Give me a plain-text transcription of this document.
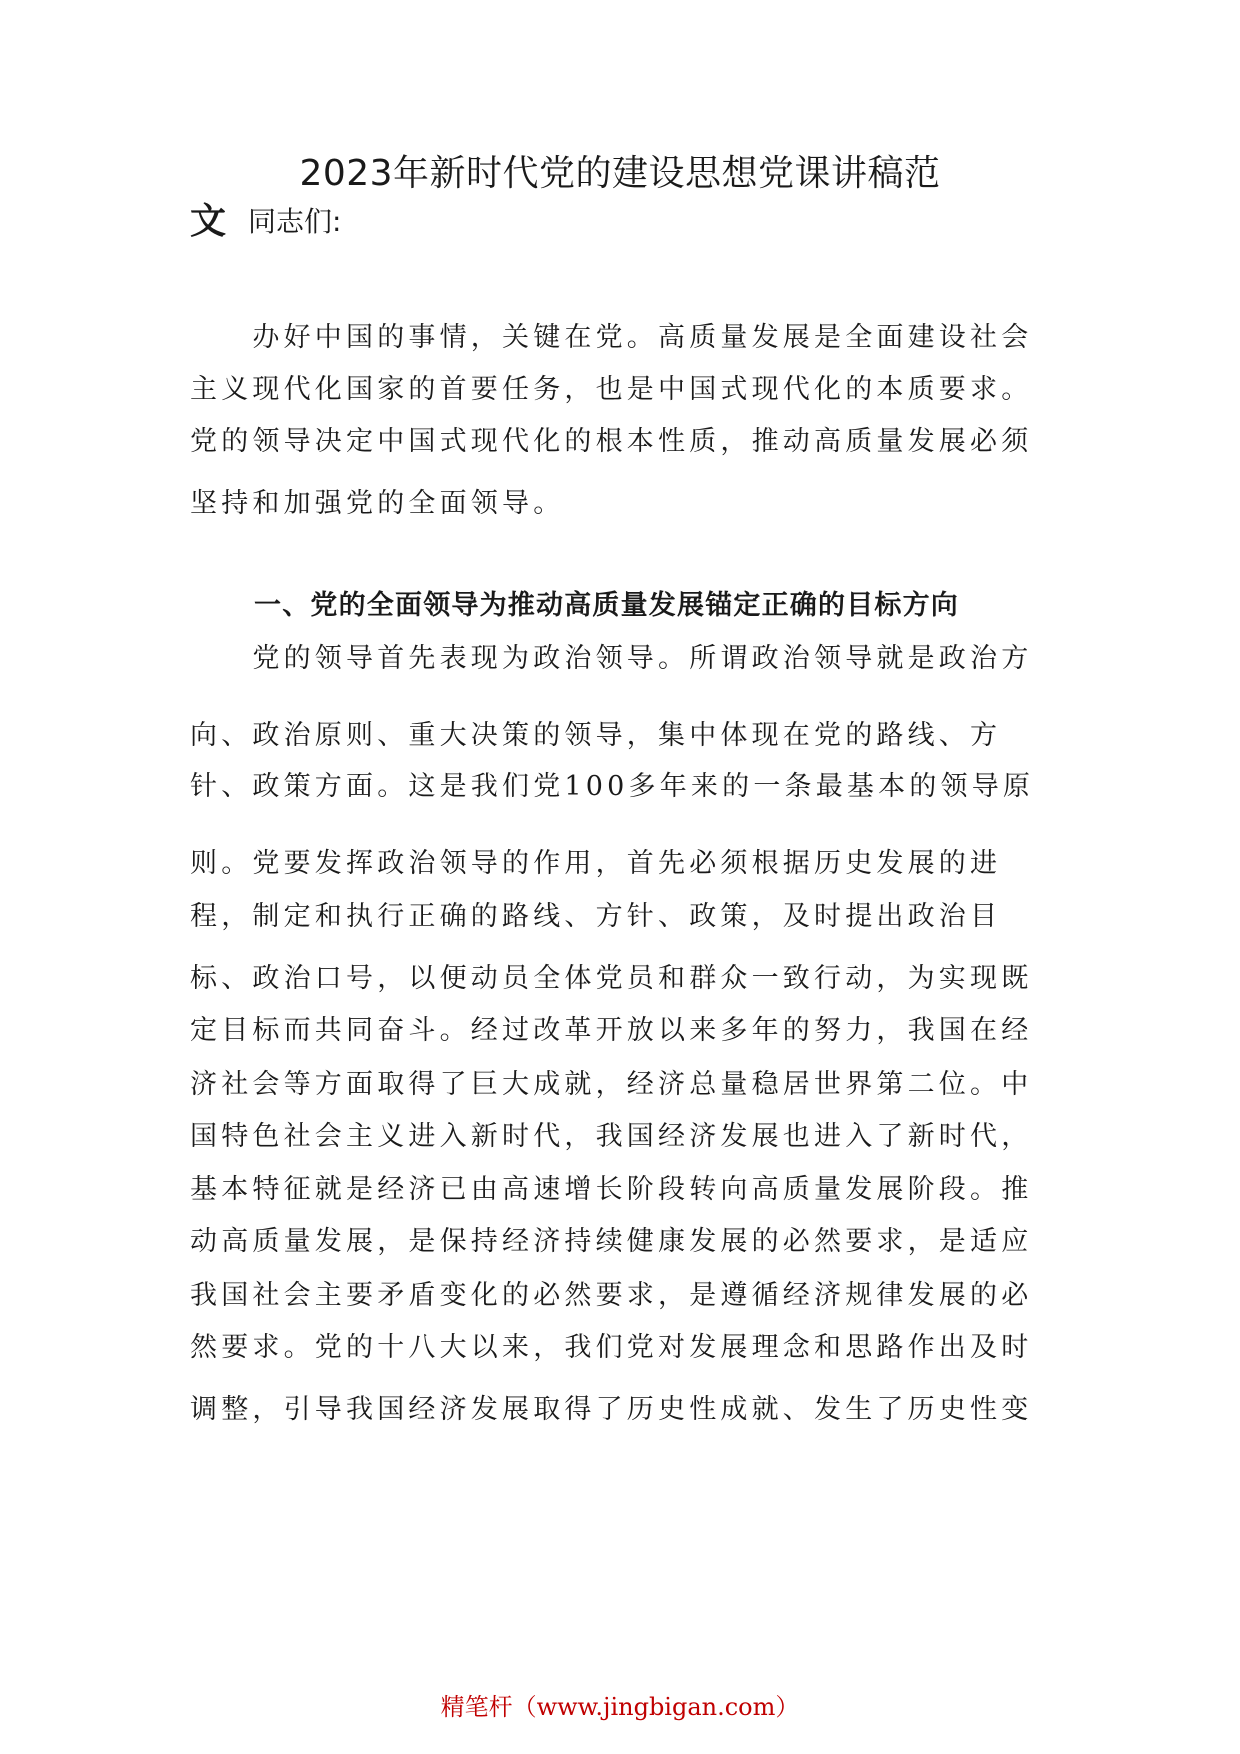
2023年新时代党的建设思想党课讲稿范
文 同志们:
　　办好中国的事情，关键在党。高质量发展是全面建设社会
主义现代化国家的首要任务，也是中国式现代化的本质要求。
党的领导决定中国式现代化的根本性质，推动高质量发展必须
坚持和加强党的全面领导。
一、党的全面领导为推动高质量发展锚定正确的目标方向
　　党的领导首先表现为政治领导。所谓政治领导就是政治方
向、政治原则、重大决策的领导，集中体现在党的路线、方
针、政策方面。这是我们党100多年来的一条最基本的领导原
则。党要发挥政治领导的作用，首先必须根据历史发展的进
程，制定和执行正确的路线、方针、政策，及时提出政治目
标、政治口号，以便动员全体党员和群众一致行动，为实现既
定目标而共同奋斗。经过改革开放以来多年的努力，我国在经
济社会等方面取得了巨大成就，经济总量稳居世界第二位。中
国特色社会主义进入新时代，我国经济发展也进入了新时代，
基本特征就是经济已由高速增长阶段转向高质量发展阶段。推
动高质量发展，是保持经济持续健康发展的必然要求，是适应
我国社会主要矛盾变化的必然要求，是遵循经济规律发展的必
然要求。党的十八大以来，我们党对发展理念和思路作出及时
调整，引导我国经济发展取得了历史性成就、发生了历史性变
精笔杆（www.jingbigan.com）
